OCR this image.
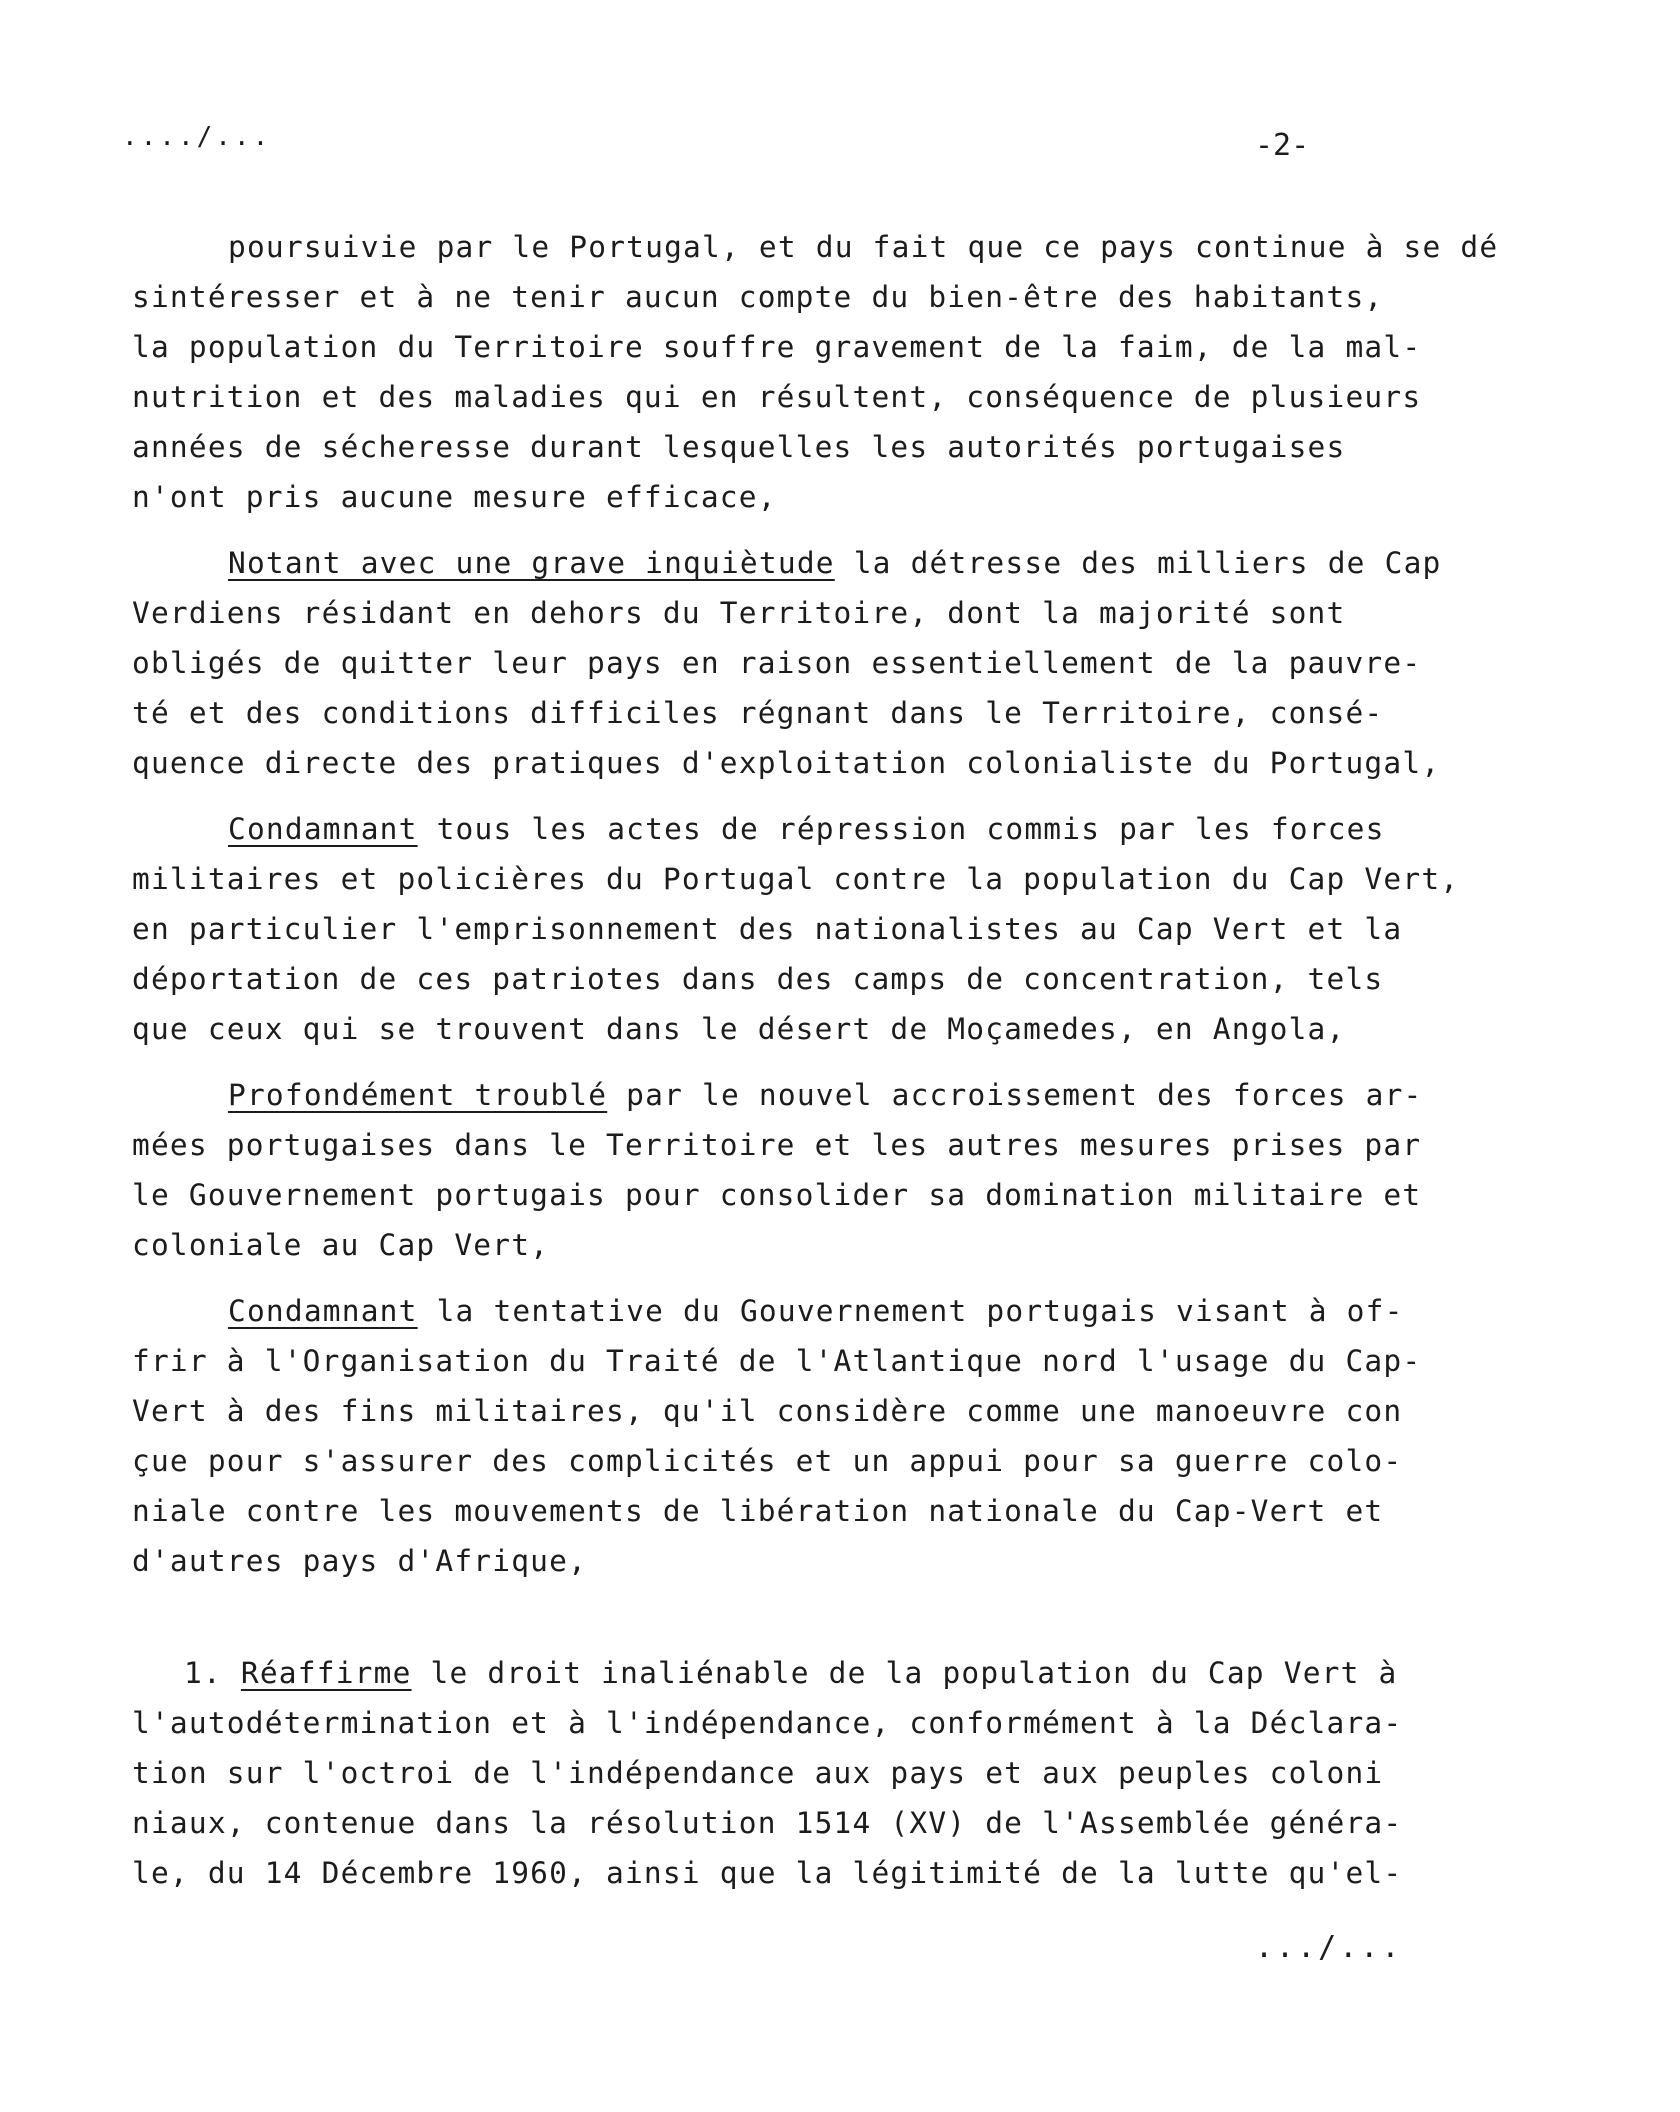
..../...	-2-
poursuivie par le Portugal, et du fait que ce pays continue à se dé
sintéresser et à ne tenir aucun compte du bien-être des habitants,
la population du Territoire souffre gravement de la faim, de la mal-
nutrition et des maladies qui en résultent, conséquence de plusieurs
années de sécheresse durant lesquelles les autorités portugaises
n'ont pris aucune mesure efficace,
Notant avec une grave inquiètude la détresse des milliers de Cap
Verdiens résidant en dehors du Territoire, dont la majorité sont
obligés de quitter leur pays en raison essentiellement de la pauvre-
té et des conditions difficiles régnant dans le Territoire, consé-
quence directe des pratiques d'exploitation colonialiste du Portugal,
Condamnant tous les actes de répression commis par les forces
militaires et policières du Portugal contre la population du Cap Vert,
en particulier l'emprisonnement des nationalistes au Cap Vert et la
déportation de ces patriotes dans des camps de concentration, tels
que ceux qui se trouvent dans le désert de Moçamedes, en Angola,
Profondément troublé par le nouvel accroissement des forces ar-
mées portugaises dans le Territoire et les autres mesures prises par
le Gouvernement portugais pour consolider sa domination militaire et
coloniale au Cap Vert,
Condamnant la tentative du Gouvernement portugais visant à of-
frir à l'Organisation du Traité de l'Atlantique nord l'usage du Cap-
Vert à des fins militaires, qu'il considère comme une manoeuvre con
çue pour s'assurer des complicités et un appui pour sa guerre colo-
niale contre les mouvements de libération nationale du Cap-Vert et
d'autres pays d'Afrique,
1. Réaffirme le droit inaliénable de la population du Cap Vert à
l'autodétermination et à l'indépendance, conformément à la Déclara-
tion sur l'octroi de l'indépendance aux pays et aux peuples coloni
niaux, contenue dans la résolution 1514 (XV) de l'Assemblée généra-
le, du 14 Décembre 1960, ainsi que la légitimité de la lutte qu'el-
.../...
